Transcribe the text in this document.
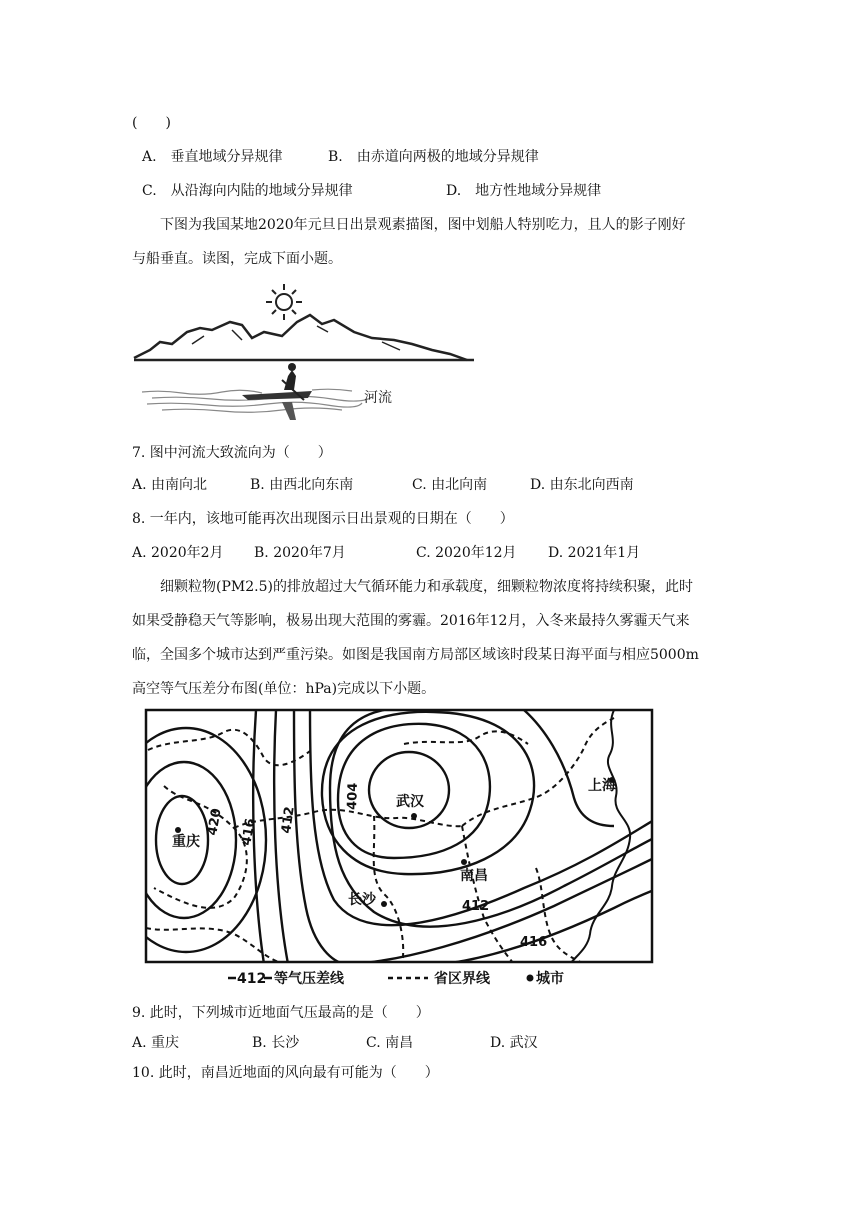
(　　)
A.　垂直地域分异规律	B.　由赤道向两极的地域分异规律
C.　从沿海向内陆的地域分异规律	D.　地方性地域分异规律
下图为我国某地2020年元旦日出景观素描图，图中划船人特别吃力，且人的影子刚好
与船垂直。读图，完成下面小题。
河流
7. 图中河流大致流向为（　　）
A. 由南向北	B. 由西北向东南	C. 由北向南	D. 由东北向西南
8. 一年内，该地可能再次出现图示日出景观的日期在（　　）
A. 2020年2月 B. 2020年7月	C. 2020年12月 D. 2021年1月
细颗粒物(PM2.5)的排放超过大气循环能力和承载度，细颗粒物浓度将持续积聚，此时
如果受静稳天气等影响，极易出现大范围的雾霾。2016年12月，入冬来最持久雾霾天气来
临，全国多个城市达到严重污染。如图是我国南方局部区域该时段某日海平面与相应5000m
高空等气压差分布图(单位：hPa)完成以下小题。
420 416 412
404
412
416
重庆
武汉
上海
长沙
南昌
412 等气压差线	省区界线	城市
9. 此时，下列城市近地面气压最高的是（　　）
A. 重庆	B. 长沙	C. 南昌	D. 武汉
10. 此时，南昌近地面的风向最有可能为（　　）
